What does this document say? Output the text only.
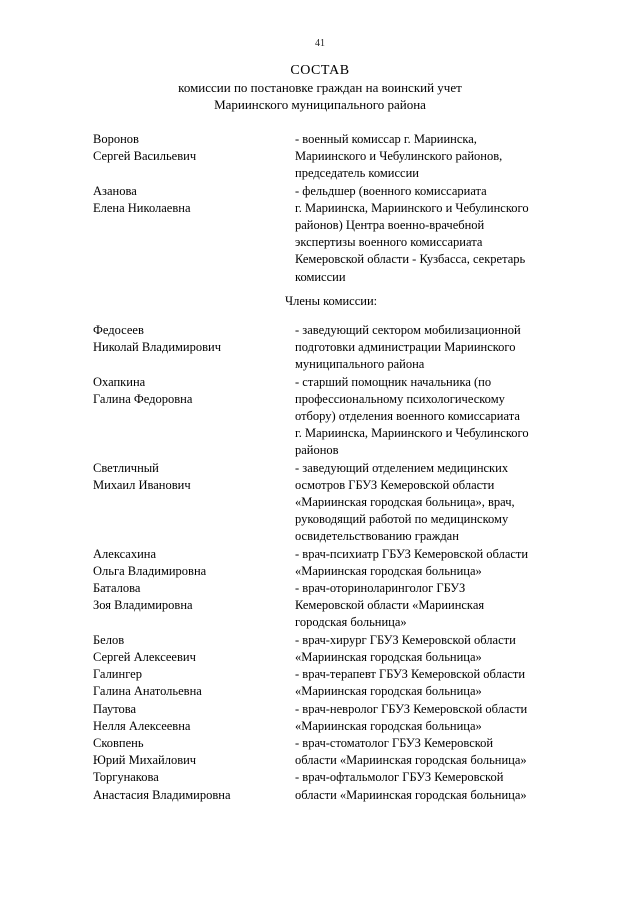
41
СОСТАВ
комиссии по постановке граждан на воинский учет
Мариинского муниципального района
Воронов
Сергей Васильевич
- военный комиссар г. Мариинска,
Мариинского и Чебулинского районов,
председатель комиссии
Азанова
Елена Николаевна
- фельдшер (военного комиссариата
г. Мариинска, Мариинского и Чебулинского
районов) Центра военно-врачебной
экспертизы военного комиссариата
Кемеровской области - Кузбасса, секретарь
комиссии
Члены комиссии:
Федосеев
Николай Владимирович
- заведующий сектором мобилизационной
подготовки администрации Мариинского
муниципального района
Охапкина
Галина Федоровна
- старший помощник начальника (по
профессиональному психологическому
отбору) отделения военного комиссариата
г. Мариинска, Мариинского и Чебулинского
районов
Светличный
Михаил Иванович
- заведующий отделением медицинских
осмотров ГБУЗ Кемеровской области
«Мариинская городская больница», врач,
руководящий работой по медицинскому
освидетельствованию граждан
Алексахина
Ольга Владимировна
- врач-психиатр ГБУЗ Кемеровской области
«Мариинская городская больница»
Баталова
Зоя Владимировна
- врач-оториноларинголог ГБУЗ
Кемеровской области «Мариинская
городская больница»
Белов
Сергей Алексеевич
- врач-хирург ГБУЗ Кемеровской области
«Мариинская городская больница»
Галингер
Галина Анатольевна
- врач-терапевт ГБУЗ Кемеровской области
«Мариинская городская больница»
Паутова
Нелля Алексеевна
- врач-невролог ГБУЗ Кемеровской области
«Мариинская городская больница»
Сковпень
Юрий Михайлович
- врач-стоматолог ГБУЗ Кемеровской
области «Мариинская городская больница»
Торгунакова
Анастасия Владимировна
- врач-офтальмолог ГБУЗ Кемеровской
области «Мариинская городская больница»
